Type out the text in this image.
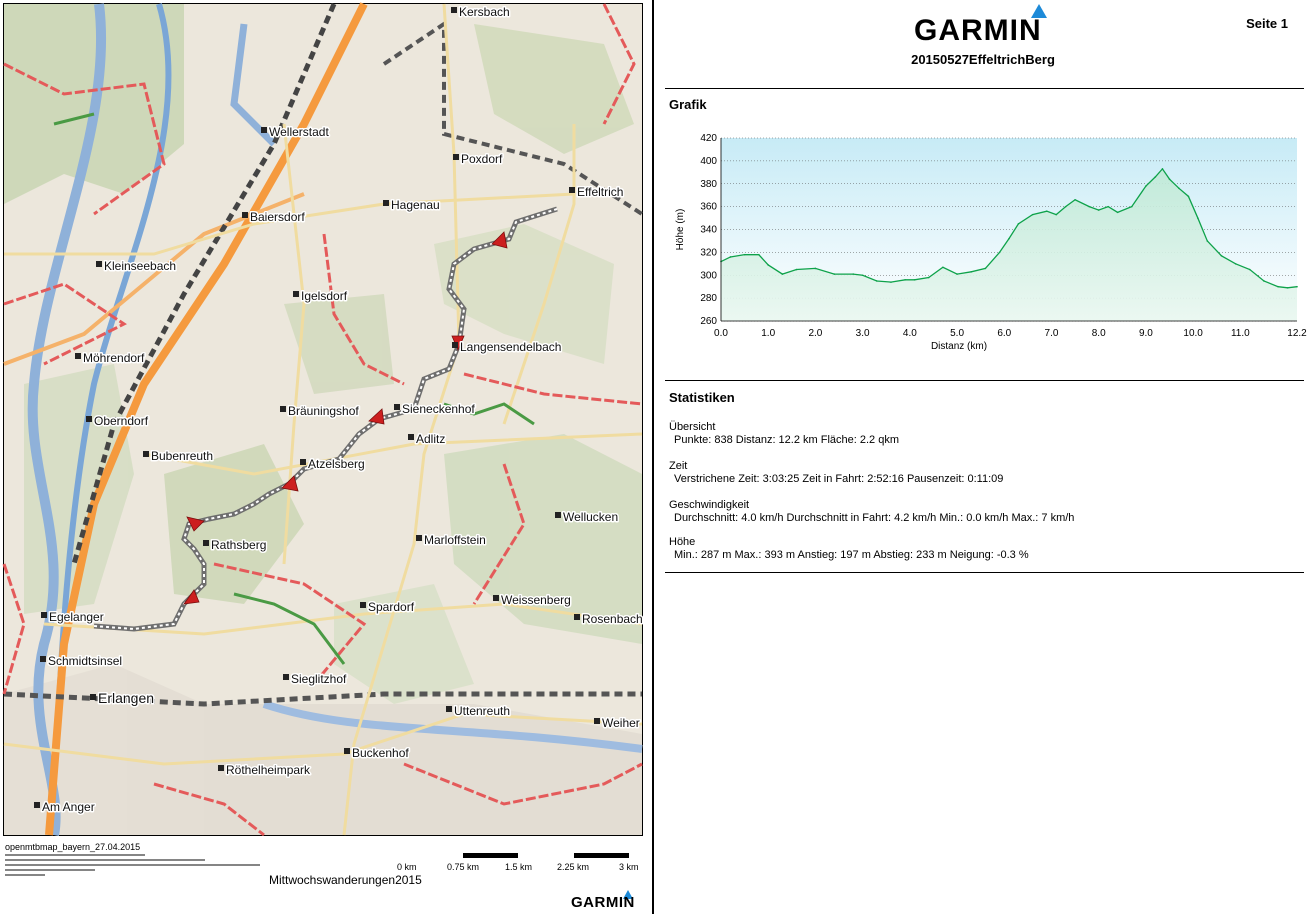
Kersbach
Wellerstadt
Poxdorf
Effeltrich
Hagenau
Baiersdorf
Kleinseebach
Igelsdorf
Langensendelbach
Möhrendorf
Oberndorf
Bräuningshof	Sieneckenhof
Adlitz
Bubenreuth
Atzelsberg
Wellucken
Marloffstein
Rathsberg
Weissenberg
Spardorf
Rosenbach
Egelanger
Schmidtsinsel
Sieglitzhof
Erlangen
Uttenreuth
Weiher
Buckenhof
Röthelheimpark
Am Anger
openmtbmap_bayern_27.04.2015
0 km	0.75 km	1.5 km	2.25 km	3 km
Mittwochswanderungen2015
GARMIN
GARMIN
20150527EffeltrichBerg
Seite 1
Grafik
260
280
300
320
340
360
380
400
420
0.0	1.0	2.0	3.0	4.0	5.0	6.0	7.0	8.0	9.0	10.0	11.0	12.2
Distanz (km)
Höhe (m)
Statistiken
Übersicht
Punkte: 838 Distanz: 12.2 km Fläche: 2.2 qkm
Zeit
Verstrichene Zeit: 3:03:25 Zeit in Fahrt: 2:52:16 Pausenzeit: 0:11:09
Geschwindigkeit
Durchschnitt: 4.0 km/h Durchschnitt in Fahrt: 4.2 km/h Min.: 0.0 km/h Max.: 7 km/h
Höhe
Min.: 287 m Max.: 393 m Anstieg: 197 m Abstieg: 233 m Neigung: -0.3 %
